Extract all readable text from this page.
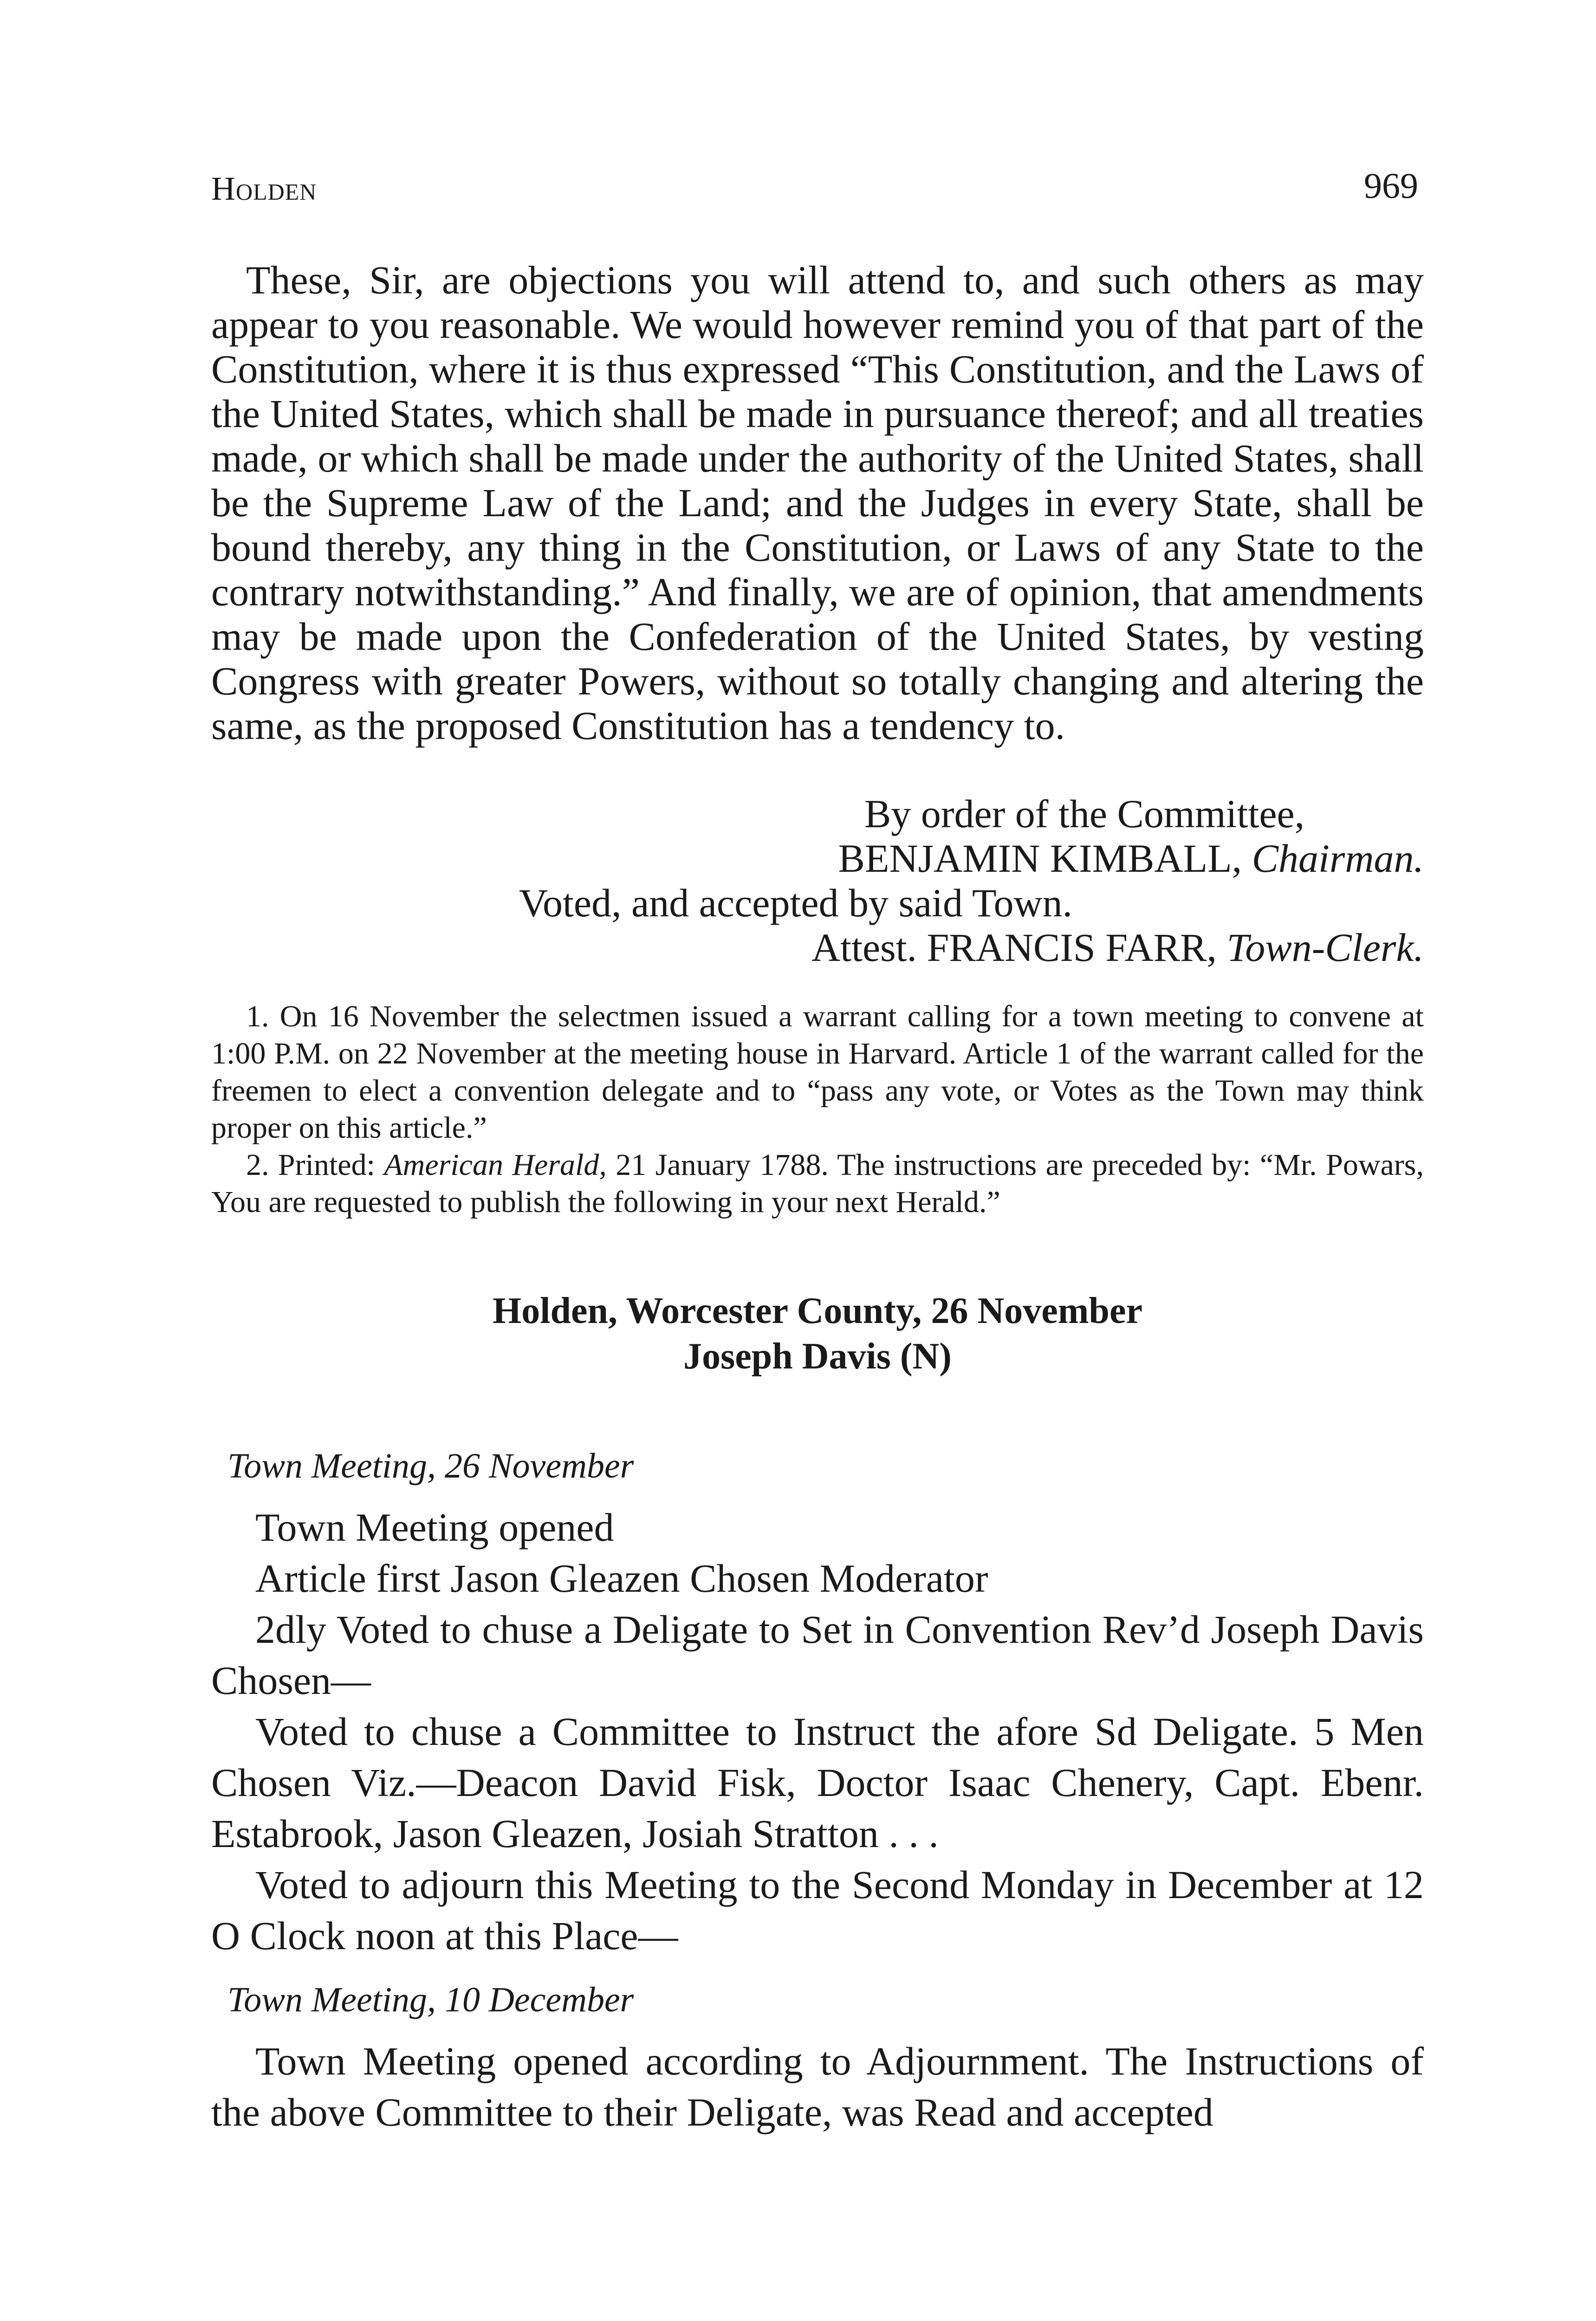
Holden	969

These, Sir, are objections you will attend to, and such others as may appear to you reasonable. We would however remind you of that part of the Constitution, where it is thus expressed “This Constitution, and the Laws of the United States, which shall be made in pursuance thereof; and all treaties made, or which shall be made under the authority of the United States, shall be the Supreme Law of the Land; and the Judges in every State, shall be bound thereby, any thing in the Constitution, or Laws of any State to the contrary notwithstanding.” And finally, we are of opinion, that amendments may be made upon the Confederation of the United States, by vesting Congress with greater Powers, without so totally changing and altering the same, as the proposed Constitution has a tendency to.

By order of the Committee,
BENJAMIN KIMBALL, Chairman.
Voted, and accepted by said Town.
Attest. FRANCIS FARR, Town-Clerk.

1. On 16 November the selectmen issued a warrant calling for a town meeting to convene at 1:00 P.M. on 22 November at the meeting house in Harvard. Article 1 of the warrant called for the freemen to elect a convention delegate and to “pass any vote, or Votes as the Town may think proper on this article.”

2. Printed: American Herald, 21 January 1788. The instructions are preceded by: “Mr. Powars, You are requested to publish the following in your next Herald.”

Holden, Worcester County, 26 November
Joseph Davis (N)
Town Meeting, 26 November

Town Meeting opened

Article first Jason Gleazen Chosen Moderator

2dly Voted to chuse a Deligate to Set in Convention Rev’d Joseph Davis Chosen—

Voted to chuse a Committee to Instruct the afore Sd Deligate. 5 Men Chosen Viz.—Deacon David Fisk, Doctor Isaac Chenery, Capt. Ebenr. Estabrook, Jason Gleazen, Josiah Stratton . . .

Voted to adjourn this Meeting to the Second Monday in December at 12 O Clock noon at this Place—

Town Meeting, 10 December

Town Meeting opened according to Adjournment. The Instructions of the above Committee to their Deligate, was Read and accepted
